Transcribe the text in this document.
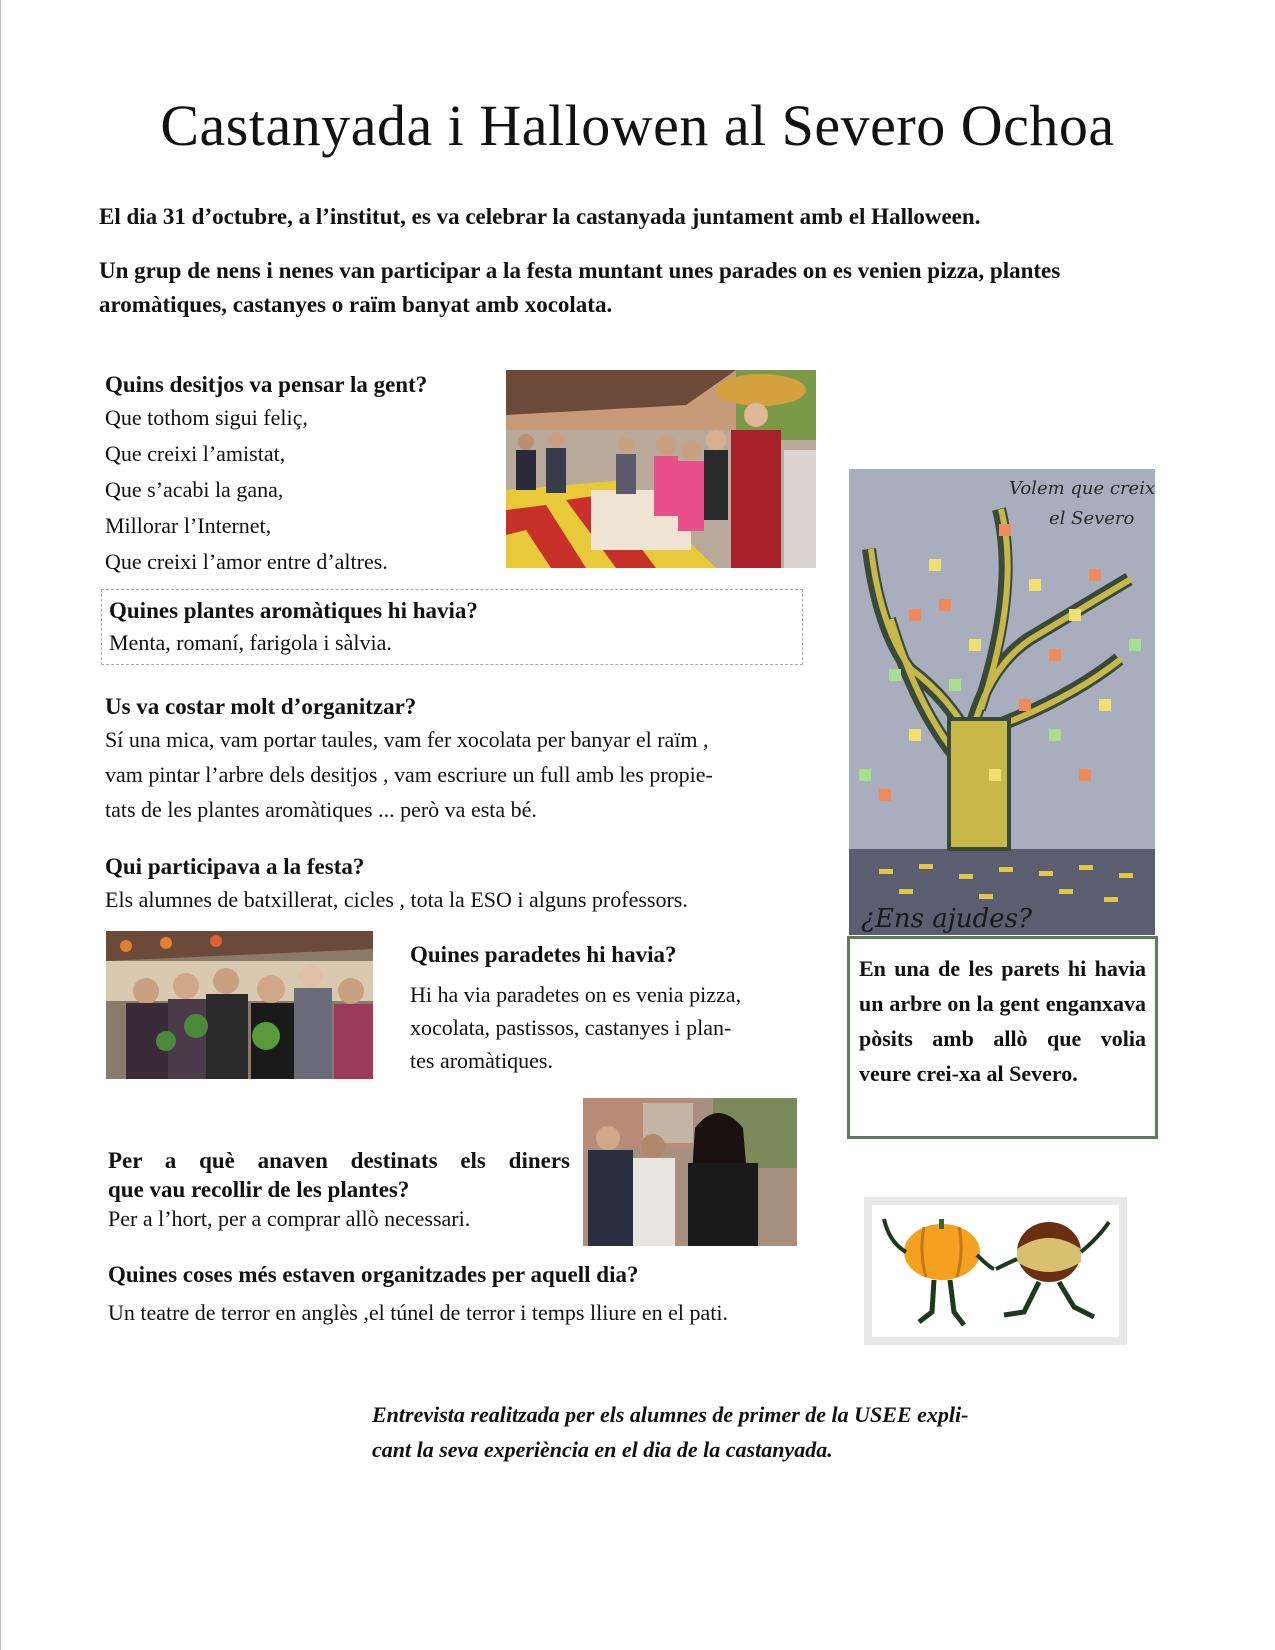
Castanyada i Hallowen al Severo Ochoa

El dia 31 d’octubre, a l’institut, es va celebrar la castanyada juntament amb el Halloween.

Un grup de nens i nenes van participar a la festa muntant unes parades on es venien pizza, plantes aromàtiques, castanyes o raïm banyat amb xocolata.

Quins desitjos va pensar la gent?

Que tothom sigui feliç,

Que creixi l’amistat,

Que s’acabi la gana,

Millorar l’Internet,

Que creixi l’amor entre d’altres.

Quines plantes aromàtiques hi havia?

Menta, romaní, farigola i sàlvia.

Us va costar molt d’organitzar?

Sí una mica, vam portar taules, vam fer xocolata per banyar el raïm ,

vam pintar l’arbre dels desitjos , vam escriure un full amb les propie-

tats de les plantes aromàtiques ... però va esta bé.

Qui participava a la festa?

Els alumnes de batxillerat, cicles , tota la ESO i alguns professors.

Quines paradetes hi havia?

Hi ha via paradetes on es venia pizza,

xocolata, pastissos, castanyes i plan-

tes aromàtiques.

Per a què anaven destinats els diners

que vau recollir de les plantes?

Per a l’hort, per a comprar allò necessari.

Quines coses més estaven organitzades per aquell dia?

Un teatre de terror en anglès ,el túnel de terror i temps lliure en el pati.

Volem que creix
el Severo
¿Ens ajudes?
En una de les parets hi havia un arbre on la gent enganxava pòsits amb allò que volia veure crei-xa al Severo.

Entrevista realitzada per els alumnes de primer de la USEE expli-

cant la seva experiència en el dia de la castanyada.
